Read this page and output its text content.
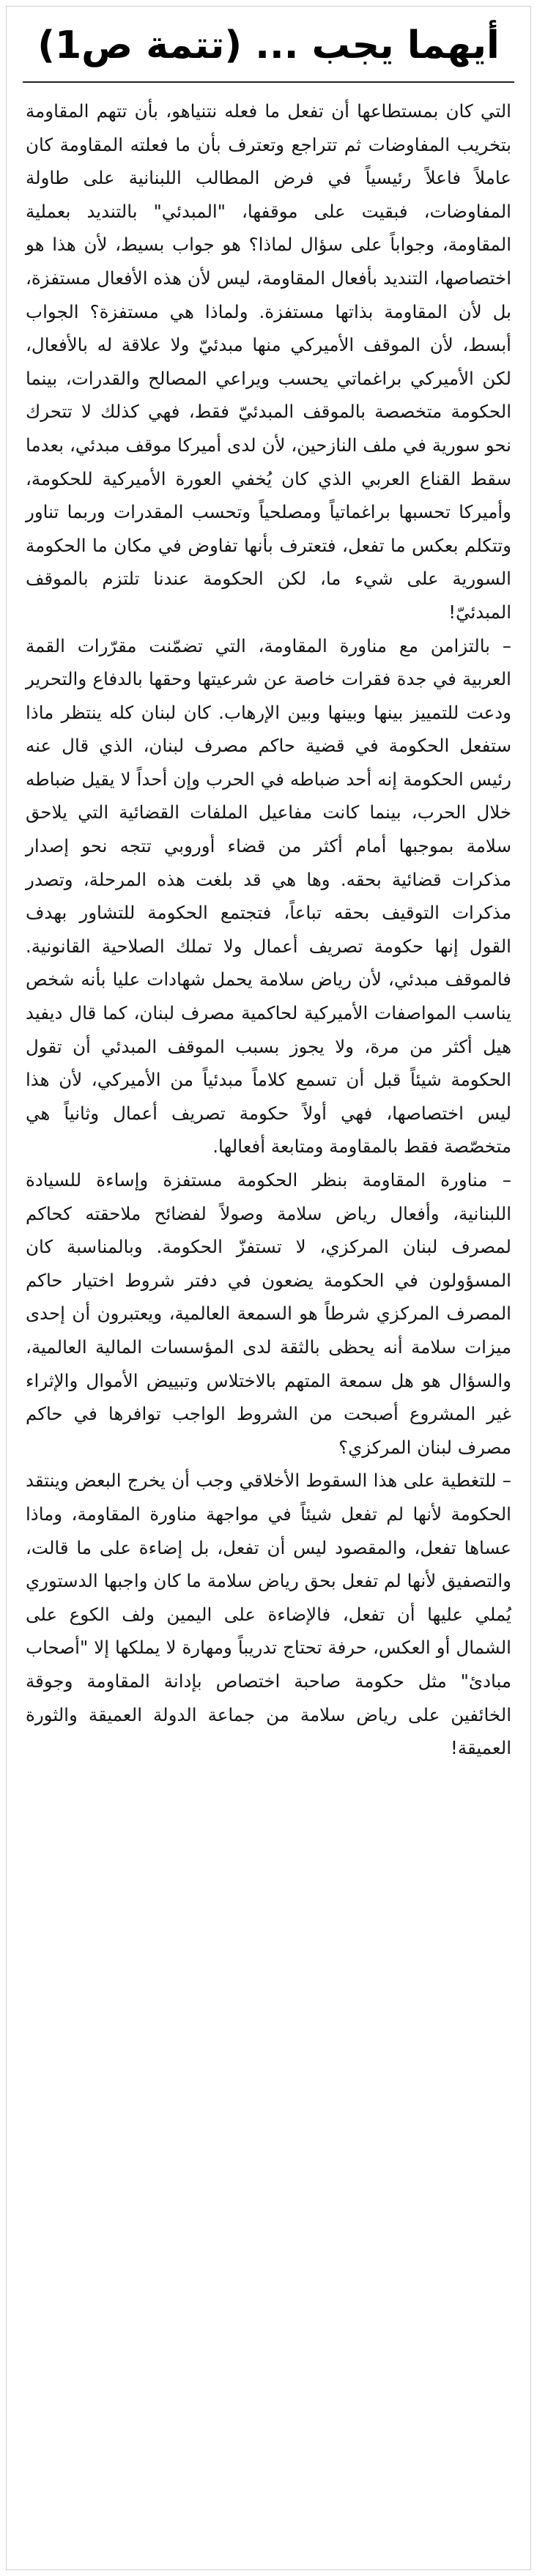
أيهما يجب ... (تتمة ص1)

التي كان بمستطاعها أن تفعل ما فعله نتنياهو، بأن تتهم المقاومة بتخريب المفاوضات ثم تتراجع وتعترف بأن ما فعلته المقاومة كان عاملاً فاعلاً رئيسياً في فرض المطالب اللبنانية على طاولة المفاوضات، فبقيت على موقفها، "المبدئي" بالتنديد بعملية المقاومة، وجواباً على سؤال لماذا؟ هو جواب بسيط، لأن هذا هو اختصاصها، التنديد بأفعال المقاومة، ليس لأن هذه الأفعال مستفزة، بل لأن المقاومة بذاتها مستفزة. ولماذا هي مستفزة؟ الجواب أبسط، لأن الموقف الأميركي منها مبدئيّ ولا علاقة له بالأفعال، لكن الأميركي براغماتي يحسب ويراعي المصالح والقدرات، بينما الحكومة متخصصة بالموقف المبدئيّ فقط، فهي كذلك لا تتحرك نحو سورية في ملف النازحين، لأن لدى أميركا موقف مبدئي، بعدما سقط القناع العربي الذي كان يُخفي العورة الأميركية للحكومة، وأميركا تحسبها براغماتياً ومصلحياً وتحسب المقدرات وربما تناور وتتكلم بعكس ما تفعل، فتعترف بأنها تفاوض في مكان ما الحكومة السورية على شيء ما، لكن الحكومة عندنا تلتزم بالموقف المبدئيّ!

– بالتزامن مع مناورة المقاومة، التي تضمّنت مقرّرات القمة العربية في جدة فقرات خاصة عن شرعيتها وحقها بالدفاع والتحرير ودعت للتمييز بينها وبينها وبين الإرهاب. كان لبنان كله ينتظر ماذا ستفعل الحكومة في قضية حاكم مصرف لبنان، الذي قال عنه رئيس الحكومة إنه أحد ضباطه في الحرب وإن أحداً لا يقيل ضباطه خلال الحرب، بينما كانت مفاعيل الملفات القضائية التي يلاحق سلامة بموجبها أمام أكثر من قضاء أوروبي تتجه نحو إصدار مذكرات قضائية بحقه. وها هي قد بلغت هذه المرحلة، وتصدر مذكرات التوقيف بحقه تباعاً، فتجتمع الحكومة للتشاور بهدف القول إنها حكومة تصريف أعمال ولا تملك الصلاحية القانونية. فالموقف مبدئي، لأن رياض سلامة يحمل شهادات عليا بأنه شخص يناسب المواصفات الأميركية لحاكمية مصرف لبنان، كما قال ديفيد هيل أكثر من مرة، ولا يجوز بسبب الموقف المبدئي أن تقول الحكومة شيئاً قبل أن تسمع كلاماً مبدئياً من الأميركي، لأن هذا ليس اختصاصها، فهي أولاً حكومة تصريف أعمال وثانياً هي متخصّصة فقط بالمقاومة ومتابعة أفعالها.

– مناورة المقاومة بنظر الحكومة مستفزة وإساءة للسيادة اللبنانية، وأفعال رياض سلامة وصولاً لفضائح ملاحقته كحاكم لمصرف لبنان المركزي، لا تستفزّ الحكومة. وبالمناسبة كان المسؤولون في الحكومة يضعون في دفتر شروط اختيار حاكم المصرف المركزي شرطاً هو السمعة العالمية، ويعتبرون أن إحدى ميزات سلامة أنه يحظى بالثقة لدى المؤسسات المالية العالمية، والسؤال هو هل سمعة المتهم بالاختلاس وتبييض الأموال والإثراء غير المشروع أصبحت من الشروط الواجب توافرها في حاكم مصرف لبنان المركزي؟

– للتغطية على هذا السقوط الأخلاقي وجب أن يخرج البعض وينتقد الحكومة لأنها لم تفعل شيئاً في مواجهة مناورة المقاومة، وماذا عساها تفعل، والمقصود ليس أن تفعل، بل إضاءة على ما قالت، والتصفيق لأنها لم تفعل بحق رياض سلامة ما كان واجبها الدستوري يُملي عليها أن تفعل، فالإضاءة على اليمين ولف الكوع على الشمال أو العكس، حرفة تحتاج تدريباً ومهارة لا يملكها إلا "أصحاب مبادئ" مثل حكومة صاحبة اختصاص بإدانة المقاومة وجوقة الخائفين على رياض سلامة من جماعة الدولة العميقة والثورة العميقة!
